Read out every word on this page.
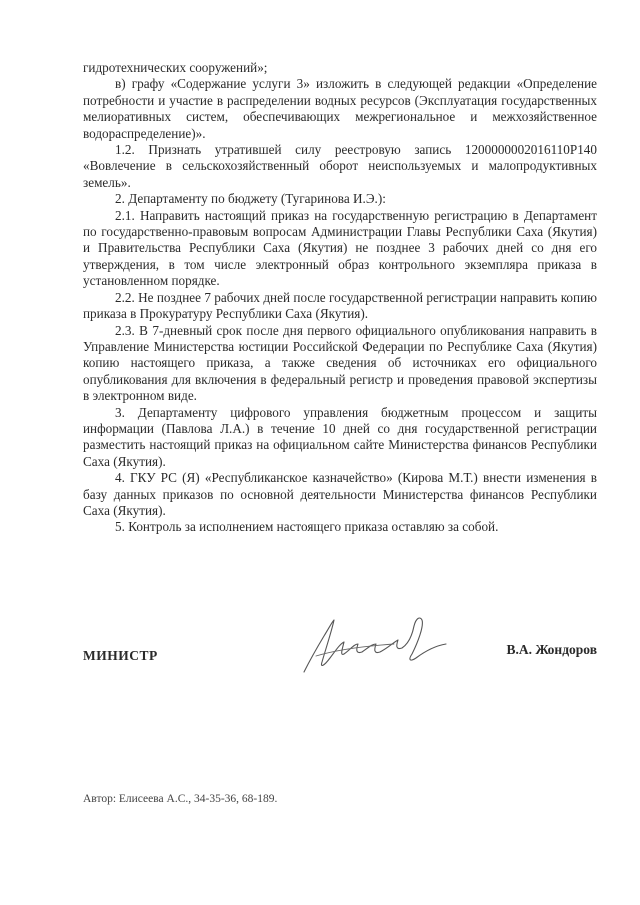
гидротехнических сооружений»;

в) графу «Содержание услуги 3» изложить в следующей редакции «Определение потребности и участие в распределении водных ресурсов (Эксплуатация государственных мелиоративных систем, обеспечивающих межрегиональное и межхозяйственное водораспределение)».

1.2. Признать утратившей силу реестровую запись 1200000002016110P140 «Вовлечение в сельскохозяйственный оборот неиспользуемых и малопродуктивных земель».

2. Департаменту по бюджету (Тугаринова И.Э.):

2.1. Направить настоящий приказ на государственную регистрацию в Департамент по государственно-правовым вопросам Администрации Главы Республики Саха (Якутия) и Правительства Республики Саха (Якутия) не позднее 3 рабочих дней со дня его утверждения, в том числе электронный образ контрольного экземпляра приказа в установленном порядке.

2.2. Не позднее 7 рабочих дней после государственной регистрации направить копию приказа в Прокуратуру Республики Саха (Якутия).

2.3. В 7-дневный срок после дня первого официального опубликования направить в Управление Министерства юстиции Российской Федерации по Республике Саха (Якутия) копию настоящего приказа, а также сведения об источниках его официального опубликования для включения в федеральный регистр и проведения правовой экспертизы в электронном виде.

3. Департаменту цифрового управления бюджетным процессом и защиты информации (Павлова Л.А.) в течение 10 дней со дня государственной регистрации разместить настоящий приказ на официальном сайте Министерства финансов Республики Саха (Якутия).

4. ГКУ РС (Я) «Республиканское казначейство» (Кирова М.Т.) внести изменения в базу данных приказов по основной деятельности Министерства финансов Республики Саха (Якутия).

5. Контроль за исполнением настоящего приказа оставляю за собой.

МИНИСТР	В.А. Жондоров
Автор: Елисеева А.С., 34-35-36, 68-189.
